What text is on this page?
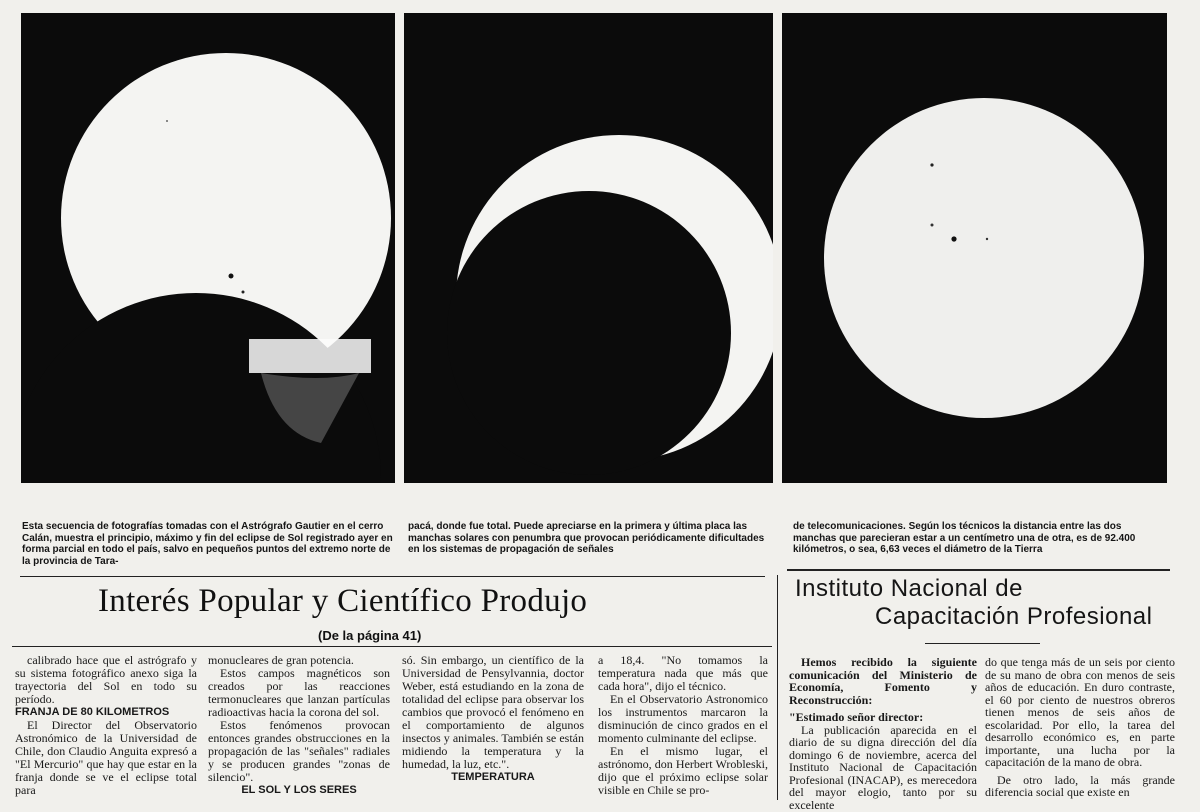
Esta secuencia de fotografías tomadas con el Astrógrafo Gautier en el cerro Calán, muestra el principio, máximo y fin del eclipse de Sol registrado ayer en forma parcial en todo el país, salvo en pequeños puntos del extremo norte de la provincia de Tara-
pacá, donde fue total. Puede apreciarse en la primera y última placa las manchas solares con penumbra que provocan periódicamente dificultades en los sistemas de propagación de señales
de telecomunicaciones. Según los técnicos la distancia entre las dos manchas que parecieran estar a un centímetro una de otra, es de 92.400 kilómetros, o sea, 6,63 veces el diámetro de la Tierra
Interés Popular y Científico Produjo
(De la página 41)

calibrado hace que el astrógrafo y su sistema fotográfico anexo siga la trayectoria del Sol en todo su período.

FRANJA DE 80 KILOMETROS

El Director del Observatorio Astronómico de la Universidad de Chile, don Claudio Anguita expresó a "El Mercurio" que hay que estar en la franja donde se ve el eclipse total para

monucleares de gran potencia.

Estos campos magnéticos son creados por las reacciones termonucleares que lanzan partículas radioactivas hacia la corona del sol.

Estos fenómenos provocan entonces grandes obstrucciones en la propagación de las "señales" radiales y se producen grandes "zonas de silencio".

EL SOL Y LOS SERES

só. Sin embargo, un científico de la Universidad de Pensylvannia, doctor Weber, está estudiando en la zona de totalidad del eclipse para observar los cambios que provocó el fenómeno en el comportamiento de algunos insectos y animales. También se están midiendo la temperatura y la humedad, la luz, etc.".

TEMPERATURA

a 18,4. "No tomamos la temperatura nada que más que cada hora", dijo el técnico.

En el Observatorio Astronomico los instrumentos marcaron la disminución de cinco grados en el momento culminante del eclipse.

En el mismo lugar, el astrónomo, don Herbert Wrobleski, dijo que el próximo eclipse solar visible en Chile se pro-

Instituto Nacional de
Capacitación Profesional

Hemos recibido la siguiente comunicación del Ministerio de Economía, Fomento y Reconstrucción:

"Estimado señor director:

La publicación aparecida en el diario de su digna dirección del día domingo 6 de noviembre, acerca del Instituto Nacional de Capacitación Profesional (INACAP), es merecedora del mayor elogio, tanto por su excelente

do que tenga más de un seis por ciento de su mano de obra con menos de seis años de educación. En duro contraste, el 60 por ciento de nuestros obreros tienen menos de seis años de escolaridad. Por ello, la tarea del desarrollo económico es, en parte importante, una lucha por la capacitación de la mano de obra.

De otro lado, la más grande diferencia social que existe en
